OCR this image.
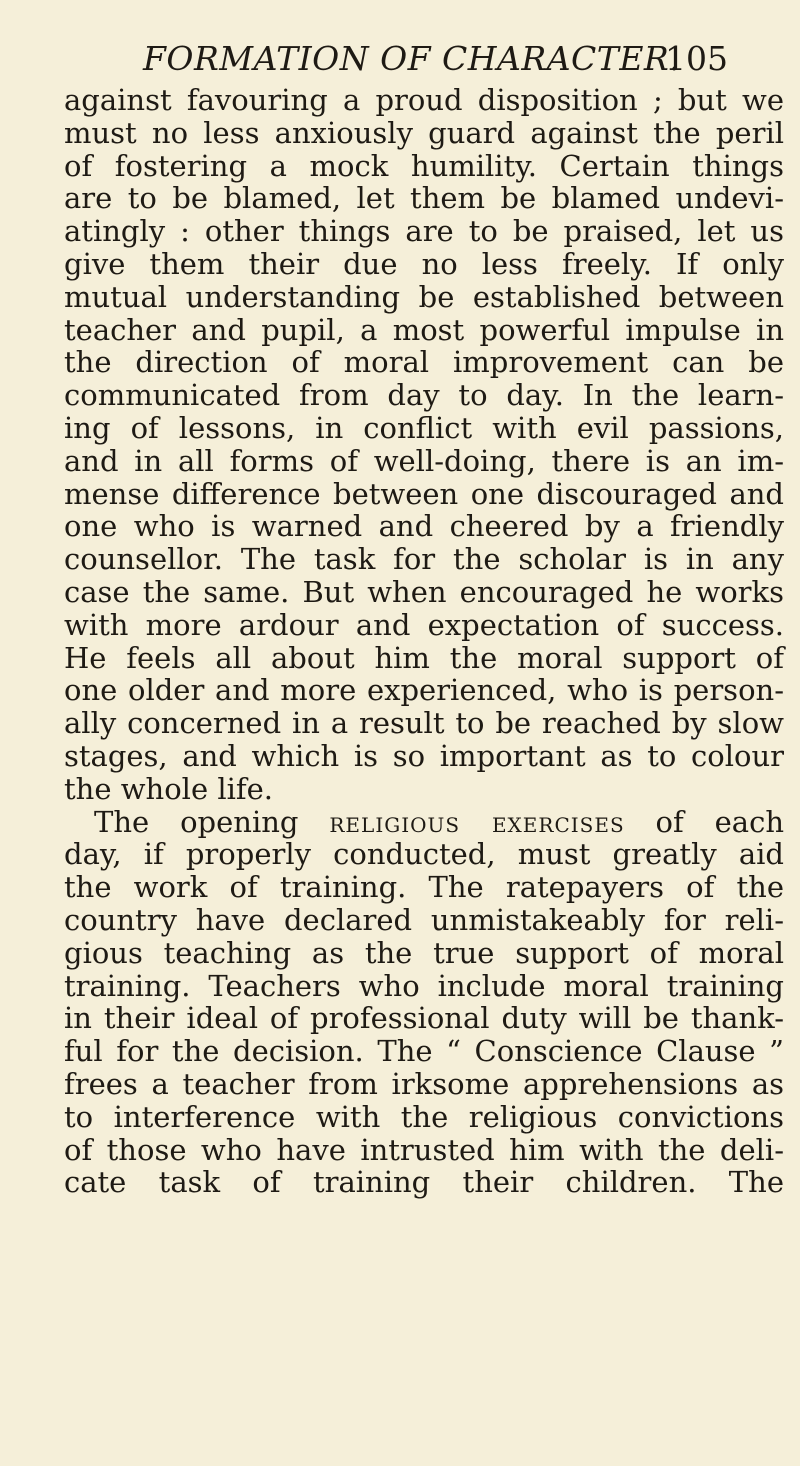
FORMATION OF CHARACTER.
105
against favouring a proud disposition ; but we
must no less anxiously guard against the peril
of fostering a mock humility. Certain things
are to be blamed, let them be blamed undevi-
atingly : other things are to be praised, let us
give them their due no less freely. If only
mutual understanding be established between
teacher and pupil, a most powerful impulse in
the direction of moral improvement can be
communicated from day to day. In the learn-
ing of lessons, in conflict with evil passions,
and in all forms of well-doing, there is an im-
mense difference between one discouraged and
one who is warned and cheered by a friendly
counsellor. The task for the scholar is in any
case the same. But when encouraged he works
with more ardour and expectation of success.
He feels all about him the moral support of
one older and more experienced, who is person-
ally concerned in a result to be reached by slow
stages, and which is so important as to colour
the whole life.
The opening religious exercises of each
day, if properly conducted, must greatly aid
the work of training. The ratepayers of the
country have declared unmistakeably for reli-
gious teaching as the true support of moral
training. Teachers who include moral training
in their ideal of professional duty will be thank-
ful for the decision. The “ Conscience Clause ”
frees a teacher from irksome apprehensions as
to interference with the religious convictions
of those who have intrusted him with the deli-
cate task of training their children. The
